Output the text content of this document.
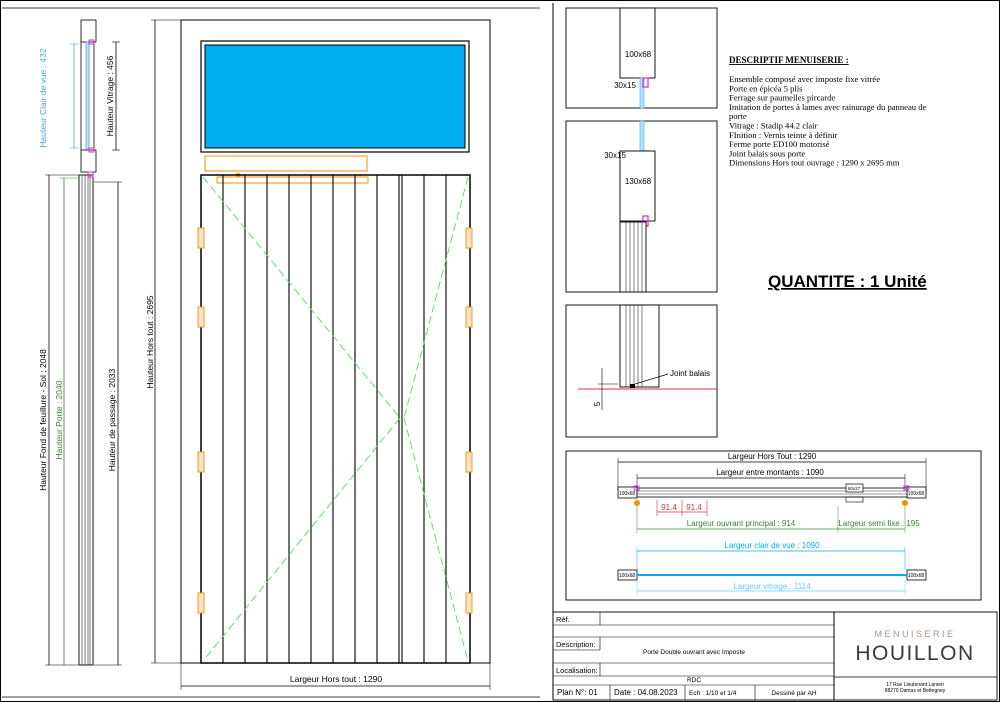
Hauteur Clair de vue : 432	Hauteur Vitrage : 456
Hauteur Fond de feuillure - Sol : 2048 Hauteur Porte : 2040	Hauteur de passage : 2033
Hauteur Hors tout : 2695
Largeur Hors tout : 1290
100x68
30x15
30x15
130x68
Joint balais
5
DESCRIPTIF MENUISERIE :
Ensemble composé avec imposte fixe vitrée
Porte en épicéa 5 plis
Ferrage sur paumelles pircarde
Imitation de portes à lames avec rainurage du panneau de
porte
Vitrage : Stadip 44.2 clair
FInition : Vernis teinte à définir
Ferme porte ED100 motorisé
Joint balais sous porte
Dimensions Hors tout ouvrage : 1290 x 2695 mm
QUANTITE : 1 Unité
Largeur Hors Tout : 1290
Largeur entre montants : 1090
100x68	100x68
50x27
91.4 91.4
Largeur ouvrant principal : 914	Largeur semi fixe : 195
Largeur clair de vue : 1090
100x68	100x68
Largeur vitrage : 1114
Réf.
Description:
Porte Double ouvrant avec Imposte
Localisation:
RDC
Plan N°: 01 Date : 04.08.2023 Ech : 1/10 et 1/4	Dessiné par AH
MENUISERIE
HOUILLON
17 Rue Lieutenant Larsen
88270 Damas et Bettegney
